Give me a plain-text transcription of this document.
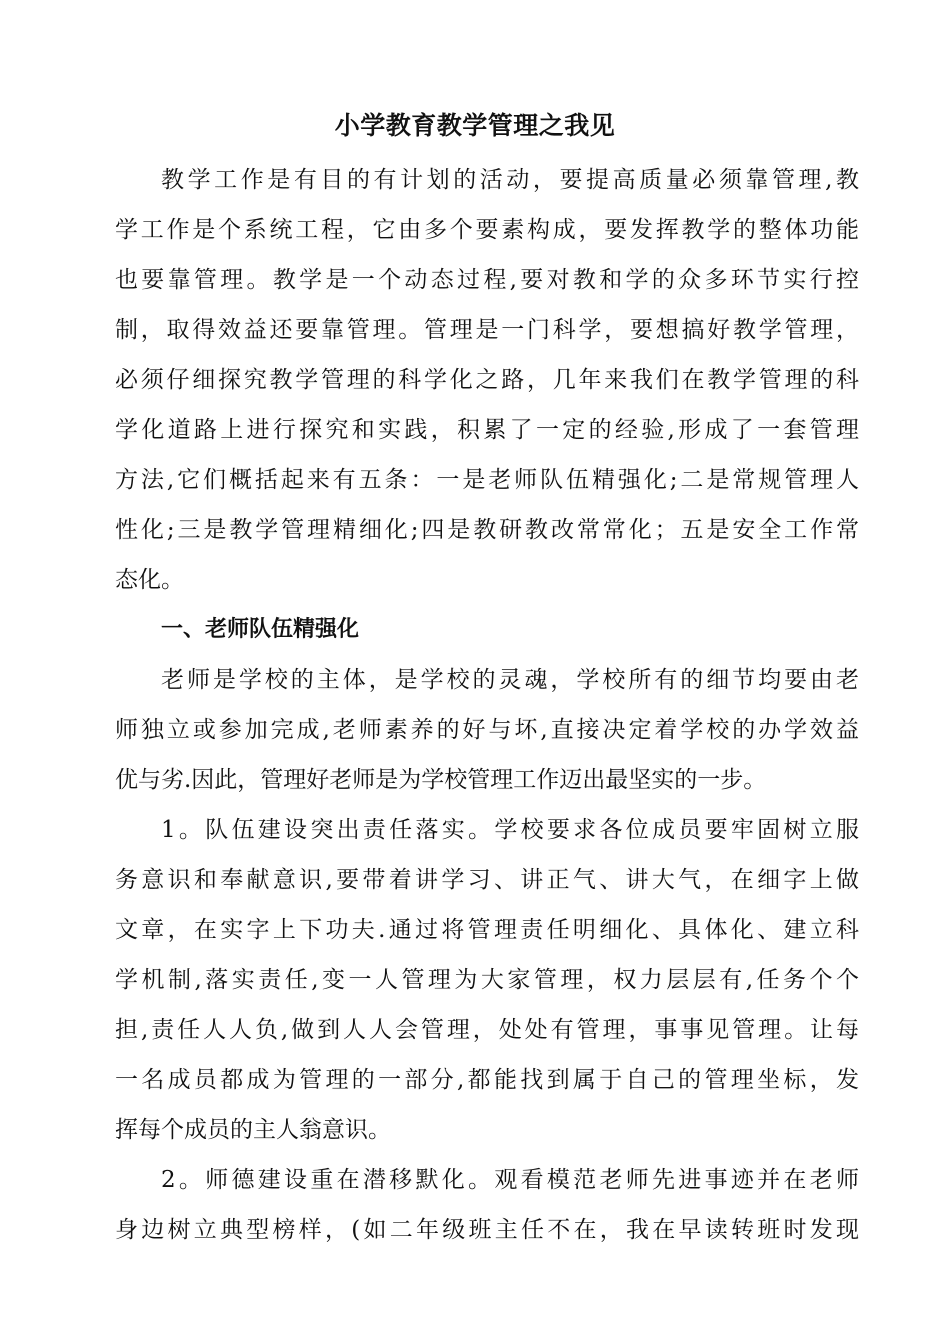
小学教育教学管理之我见
教学工作是有目的有计划的活动，要提高质量必须靠管理,教
学工作是个系统工程，它由多个要素构成，要发挥教学的整体功能
也要靠管理。教学是一个动态过程,要对教和学的众多环节实行控
制，取得效益还要靠管理。管理是一门科学，要想搞好教学管理，
必须仔细探究教学管理的科学化之路，几年来我们在教学管理的科
学化道路上进行探究和实践，积累了一定的经验,形成了一套管理
方法,它们概括起来有五条：一是老师队伍精强化;二是常规管理人
性化;三是教学管理精细化;四是教研教改常常化；五是安全工作常
态化。
一、老师队伍精强化
老师是学校的主体，是学校的灵魂，学校所有的细节均要由老
师独立或参加完成,老师素养的好与坏,直接决定着学校的办学效益
优与劣.因此，管理好老师是为学校管理工作迈出最坚实的一步。
1。队伍建设突出责任落实。学校要求各位成员要牢固树立服
务意识和奉献意识,要带着讲学习、讲正气、讲大气，在细字上做
文章，在实字上下功夫.通过将管理责任明细化、具体化、建立科
学机制,落实责任,变一人管理为大家管理，权力层层有,任务个个
担,责任人人负,做到人人会管理，处处有管理，事事见管理。让每
一名成员都成为管理的一部分,都能找到属于自己的管理坐标，发
挥每个成员的主人翁意识。
2。师德建设重在潜移默化。观看模范老师先进事迹并在老师
身边树立典型榜样，(如二年级班主任不在，我在早读转班时发现
